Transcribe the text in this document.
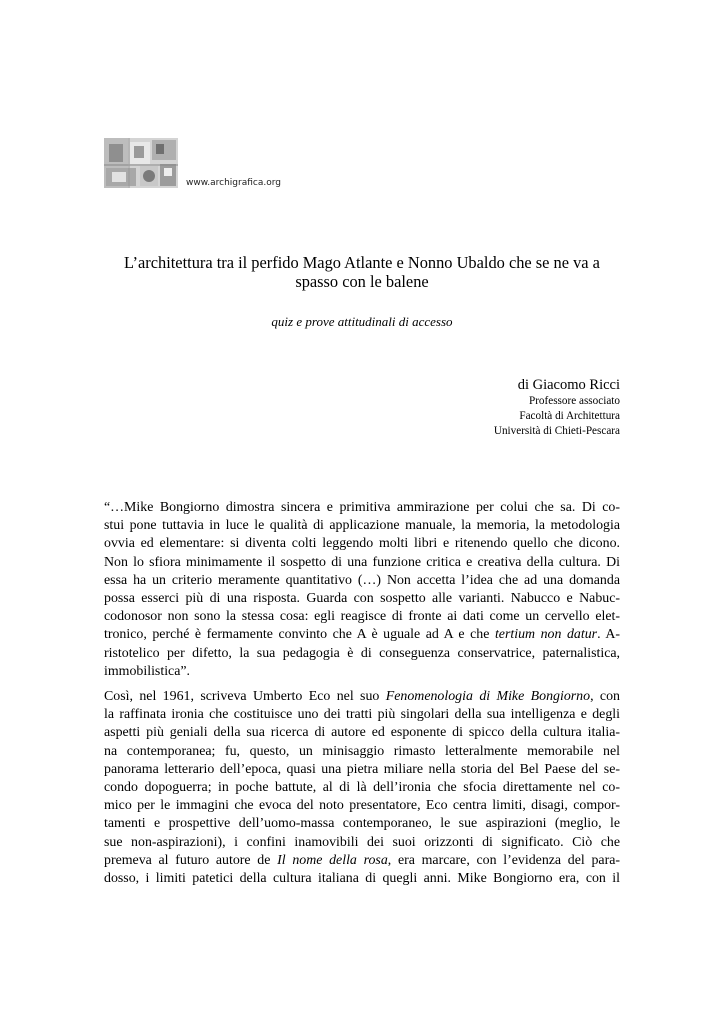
www.archigrafica.org
L’architettura tra il perfido Mago Atlante e Nonno Ubaldo che se ne va a
spasso con le balene
quiz e prove attitudinali di accesso
di Giacomo Ricci
Professore associato
Facoltà di Architettura
Università di Chieti-Pescara
“…Mike Bongiorno dimostra sincera e primitiva ammirazione per colui che sa. Di co-
stui pone tuttavia in luce le qualità di applicazione manuale, la memoria, la metodologia
ovvia ed elementare: si diventa colti leggendo molti libri e ritenendo quello che dicono.
Non lo sfiora minimamente il sospetto di una funzione critica e creativa della cultura. Di
essa ha un criterio meramente quantitativo (…) Non accetta l’idea che ad una domanda
possa esserci più di una risposta. Guarda con sospetto alle varianti. Nabucco e Nabuc-
codonosor non sono la stessa cosa: egli reagisce di fronte ai dati come un cervello elet-
tronico, perché è fermamente convinto che A è uguale ad A e che tertium non datur. A-
ristotelico per difetto, la sua pedagogia è di conseguenza conservatrice, paternalistica,
immobilistica”.
Così, nel 1961, scriveva Umberto Eco nel suo Fenomenologia di Mike Bongiorno, con
la raffinata ironia che costituisce uno dei tratti più singolari della sua intelligenza e degli
aspetti più geniali della sua ricerca di autore ed esponente di spicco della cultura italia-
na contemporanea; fu, questo, un minisaggio rimasto letteralmente memorabile nel
panorama letterario dell’epoca, quasi una pietra miliare nella storia del Bel Paese del se-
condo dopoguerra; in poche battute, al di là dell’ironia che sfocia direttamente nel co-
mico per le immagini che evoca del noto presentatore, Eco centra limiti, disagi, compor-
tamenti e prospettive dell’uomo-massa contemporaneo, le sue aspirazioni (meglio, le
sue non-aspirazioni), i confini inamovibili dei suoi orizzonti di significato. Ciò che
premeva al futuro autore de Il nome della rosa, era marcare, con l’evidenza del para-
dosso, i limiti patetici della cultura italiana di quegli anni. Mike Bongiorno era, con il
